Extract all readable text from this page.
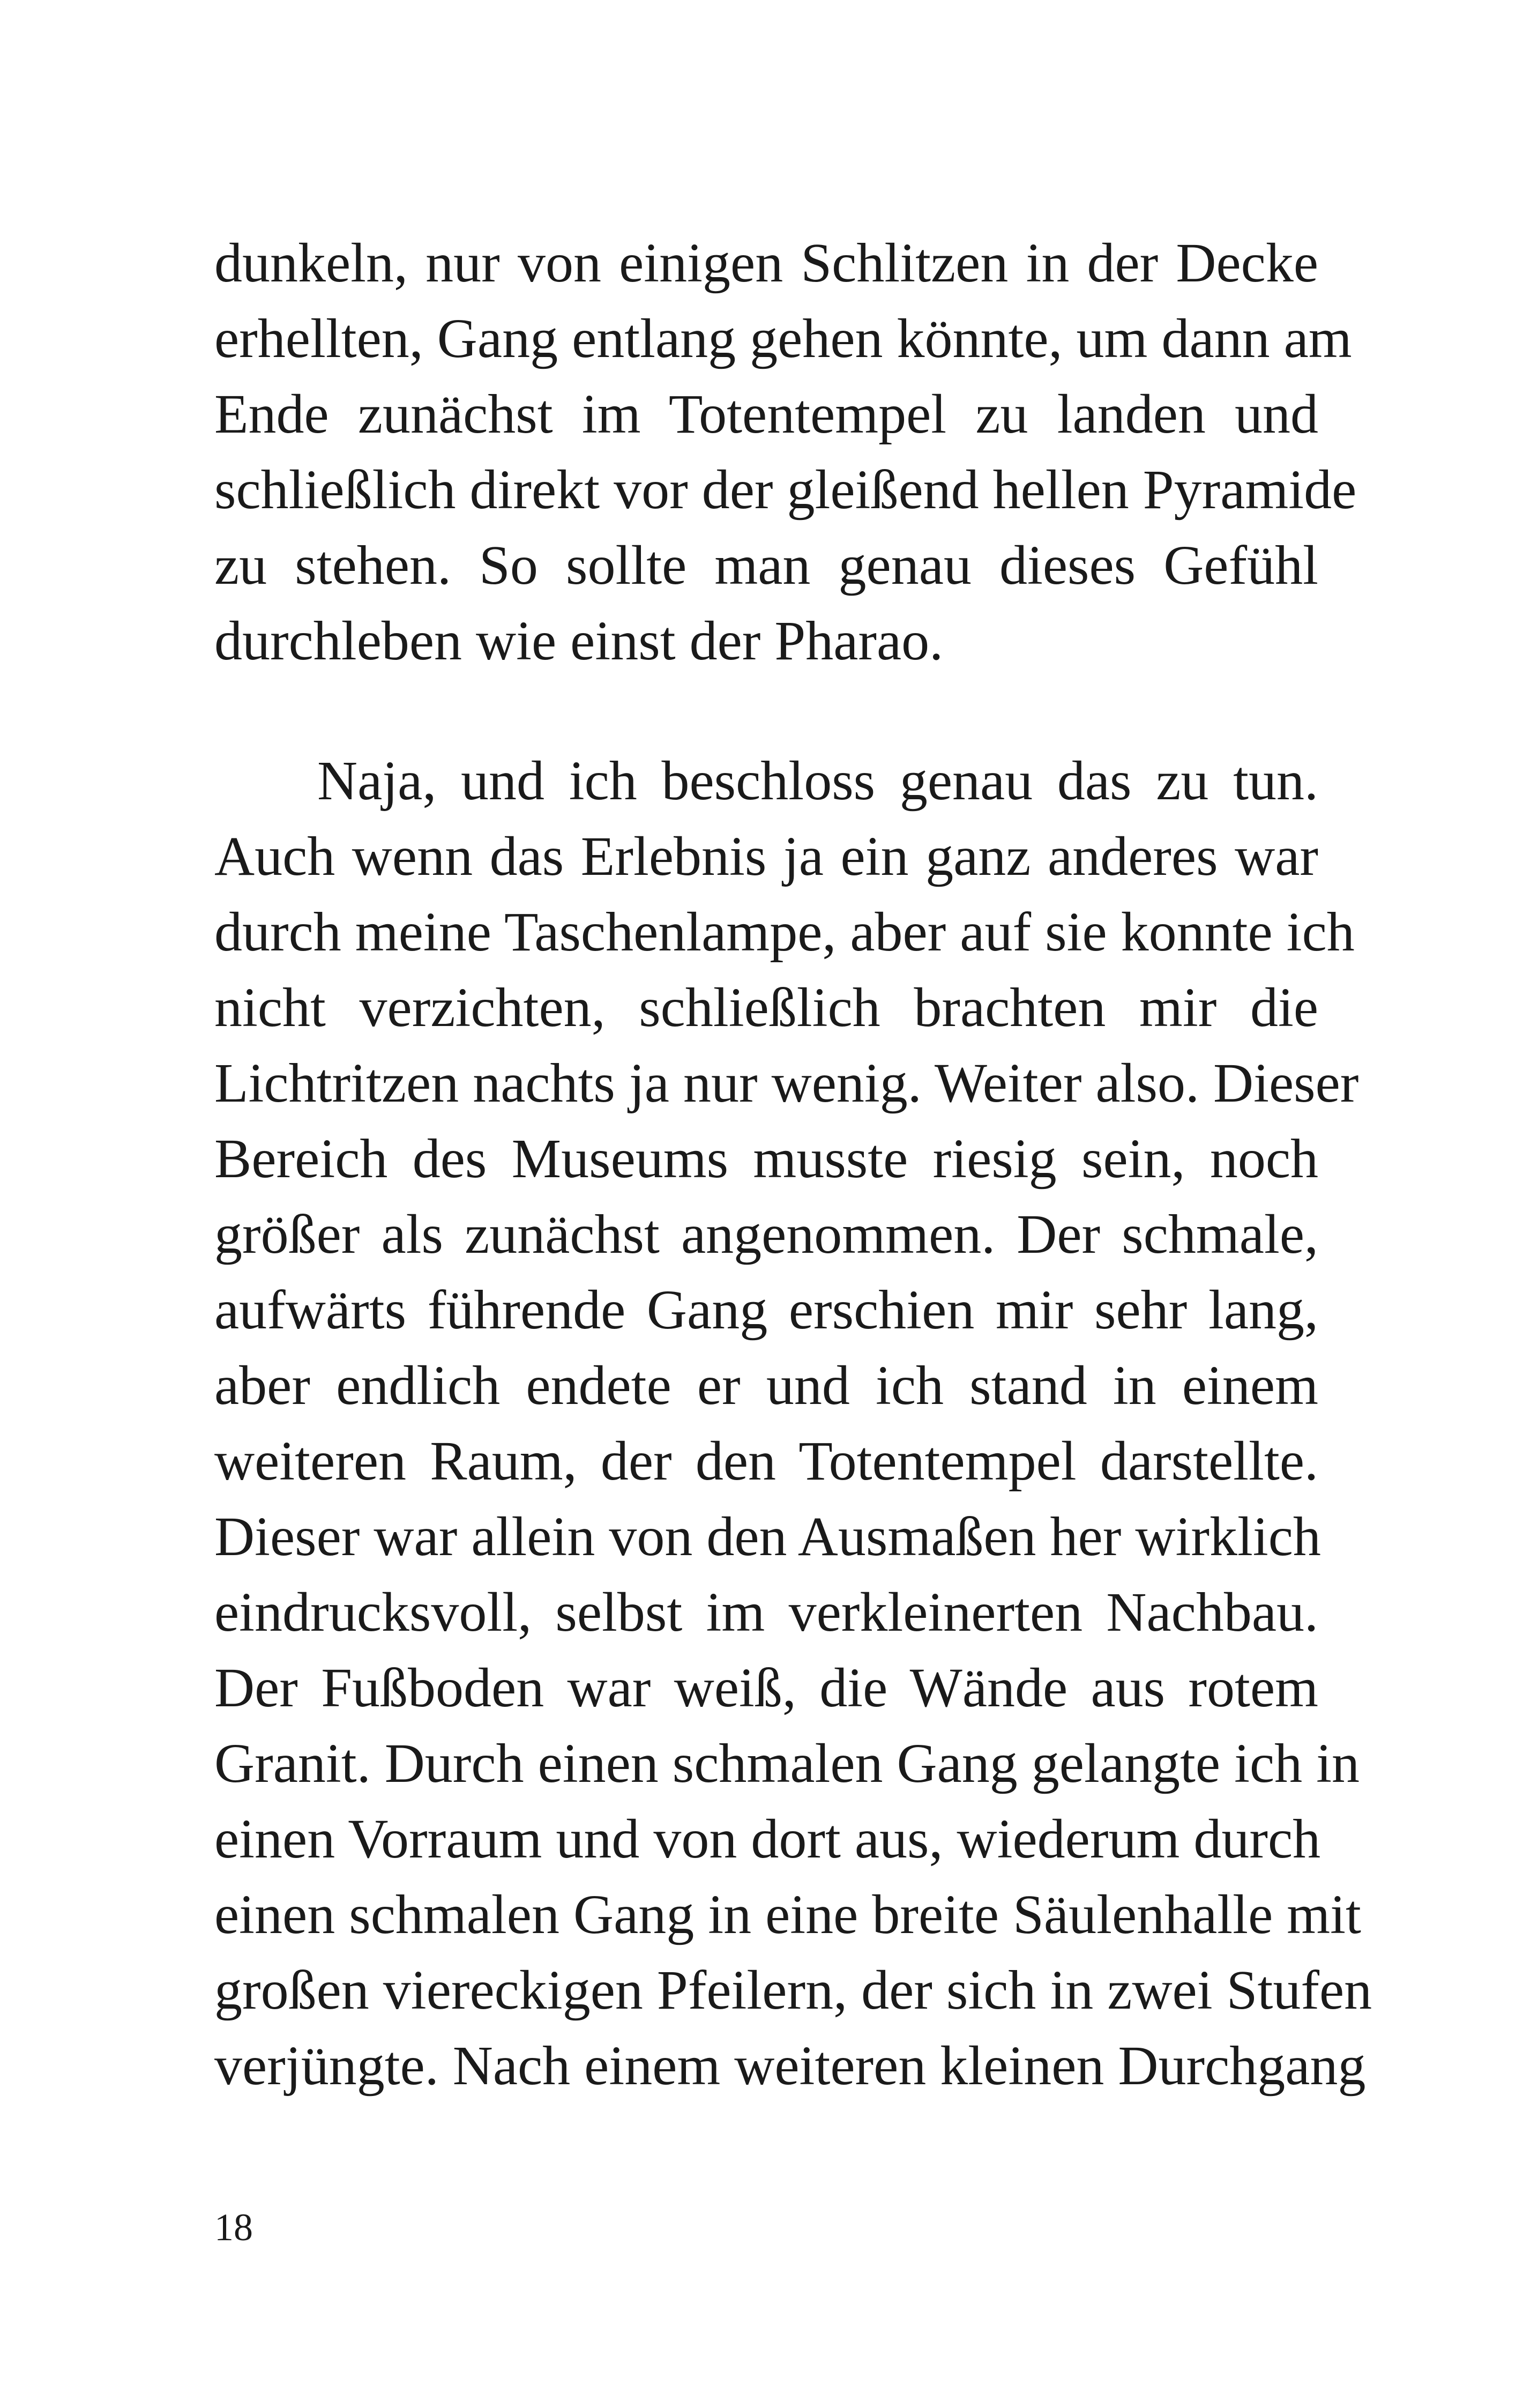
dunkeln, nur von einigen Schlitzen in der Decke
erhellten, Gang entlang gehen könnte, um dann am
Ende zunächst im Totentempel zu landen und
schließlich direkt vor der gleißend hellen Pyramide
zu stehen. So sollte man genau dieses Gefühl
durchleben wie einst der Pharao.

Naja, und ich beschloss genau das zu tun.
Auch wenn das Erlebnis ja ein ganz anderes war
durch meine Taschenlampe, aber auf sie konnte ich
nicht verzichten, schließlich brachten mir die
Lichtritzen nachts ja nur wenig. Weiter also. Dieser
Bereich des Museums musste riesig sein, noch
größer als zunächst angenommen. Der schmale,
aufwärts führende Gang erschien mir sehr lang,
aber endlich endete er und ich stand in einem
weiteren Raum, der den Totentempel darstellte.
Dieser war allein von den Ausmaßen her wirklich
eindrucksvoll, selbst im verkleinerten Nachbau.
Der Fußboden war weiß, die Wände aus rotem
Granit. Durch einen schmalen Gang gelangte ich in
einen Vorraum und von dort aus, wiederum durch
einen schmalen Gang in eine breite Säulenhalle mit
großen viereckigen Pfeilern, der sich in zwei Stufen
verjüngte. Nach einem weiteren kleinen Durchgang

18
